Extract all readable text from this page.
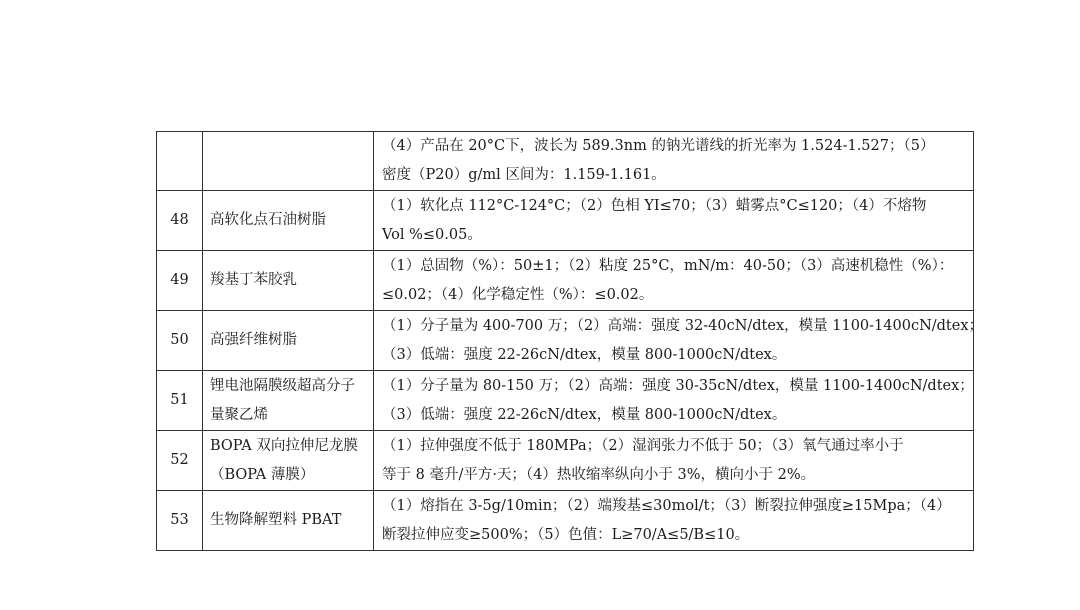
		（4）产品在 20°C下，波长为 589.3nm 的钠光谱线的折光率为 1.524-1.527；（5）
密度（P20）g/ml 区间为：1.159-1.161。

48	高软化点石油树脂	（1）软化点 112°C-124°C；（2）色相 YI≤70；（3）蜡雾点°C≤120；（4）不熔物
Vol %≤0.05。

49	羧基丁苯胶乳	（1）总固物（%）：50±1；（2）粘度 25°C，mN/m：40-50；（3）高速机稳性（%）：
≤0.02；（4）化学稳定性（%）：≤0.02。

50	高强纤维树脂	（1）分子量为 400-700 万；（2）高端：强度 32-40cN/dtex，模量 1100-1400cN/dtex；
（3）低端：强度 22-26cN/dtex，模量 800-1000cN/dtex。

51	锂电池隔膜级超高分子量聚乙烯	（1）分子量为 80-150 万；（2）高端：强度 30-35cN/dtex，模量 1100-1400cN/dtex；
（3）低端：强度 22-26cN/dtex，模量 800-1000cN/dtex。

52	BOPA 双向拉伸尼龙膜（BOPA 薄膜）	（1）拉伸强度不低于 180MPa；（2）湿润张力不低于 50；（3）氧气通过率小于
等于 8 毫升/平方·天；（4）热收缩率纵向小于 3%，横向小于 2%。

53	生物降解塑料 PBAT	（1）熔指在 3-5g/10min；（2）端羧基≤30mol/t；（3）断裂拉伸强度≥15Mpa；（4）
断裂拉伸应变≥500%；（5）色值：L≥70/A≤5/B≤10。
